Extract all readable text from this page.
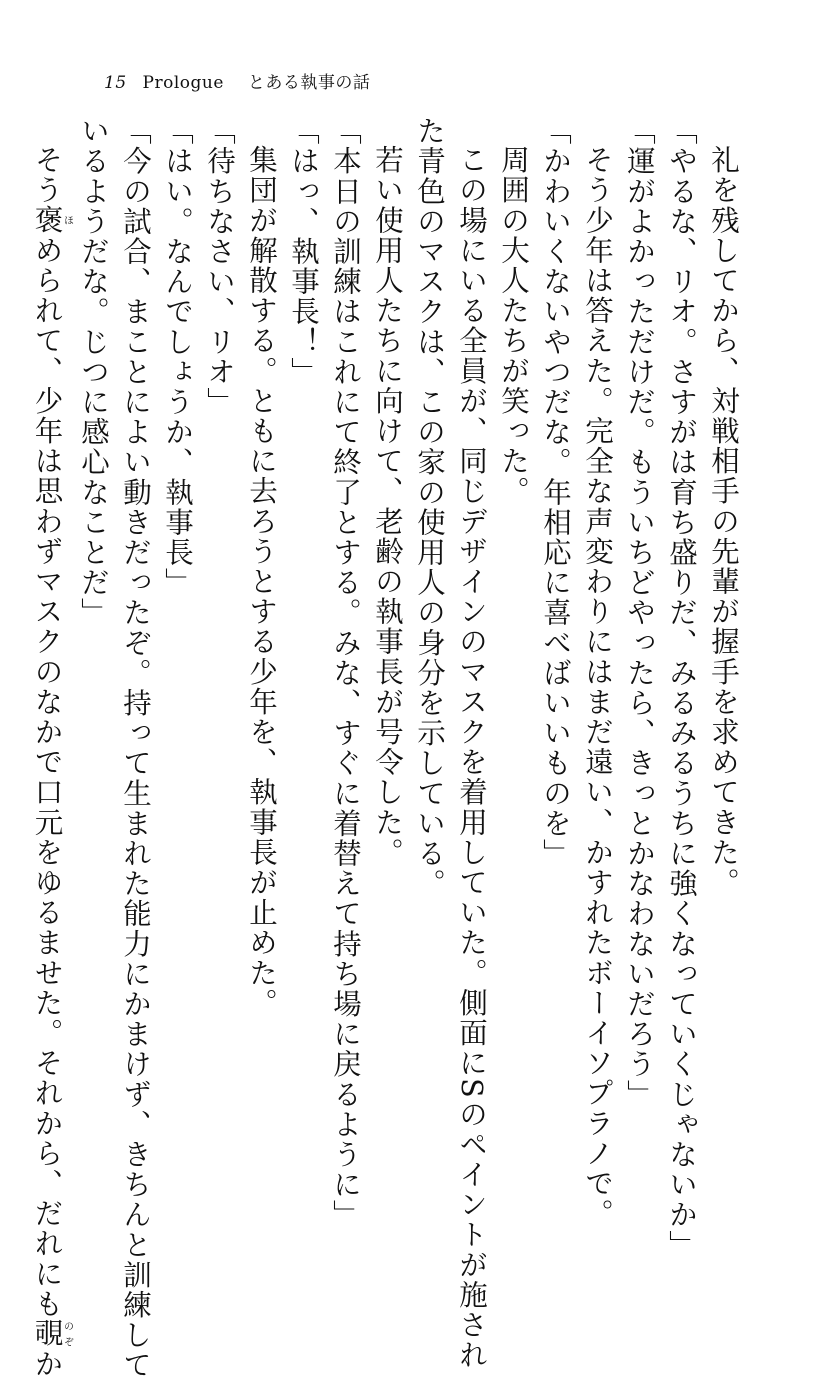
15 Prologue とある執事の話
礼を残してから、対戦相手の先輩が握手を求めてきた。
「やるな、リオ。さすがは育ち盛りだ、みるみるうちに強くなっていくじゃないか」
「運がよかっただけだ。もういちどやったら、きっとかなわないだろう」
そう少年は答えた。完全な声変わりにはまだ遠い、かすれたボーイソプラノで。
「かわいくないやつだな。年相応に喜べばいいものを」
周囲の大人たちが笑った。
この場にいる全員が、同じデザインのマスクを着用していた。側面にSのペイントが施され
た青色のマスクは、この家の使用人の身分を示している。
若い使用人たちに向けて、老齢の執事長が号令した。
「本日の訓練はこれにて終了とする。みな、すぐに着替えて持ち場に戻るように」
「はっ、執事長！」
集団が解散する。ともに去ろうとする少年を、執事長が止めた。
「待ちなさい、リオ」
「はい。なんでしょうか、執事長」
「今の試合、まことによい動きだったぞ。持って生まれた能力にかまけず、きちんと訓練して
いるようだな。じつに感心なことだ」
そう褒ほめられて、少年は思わずマスクのなかで口元をゆるませた。それから、だれにも覗のぞか
